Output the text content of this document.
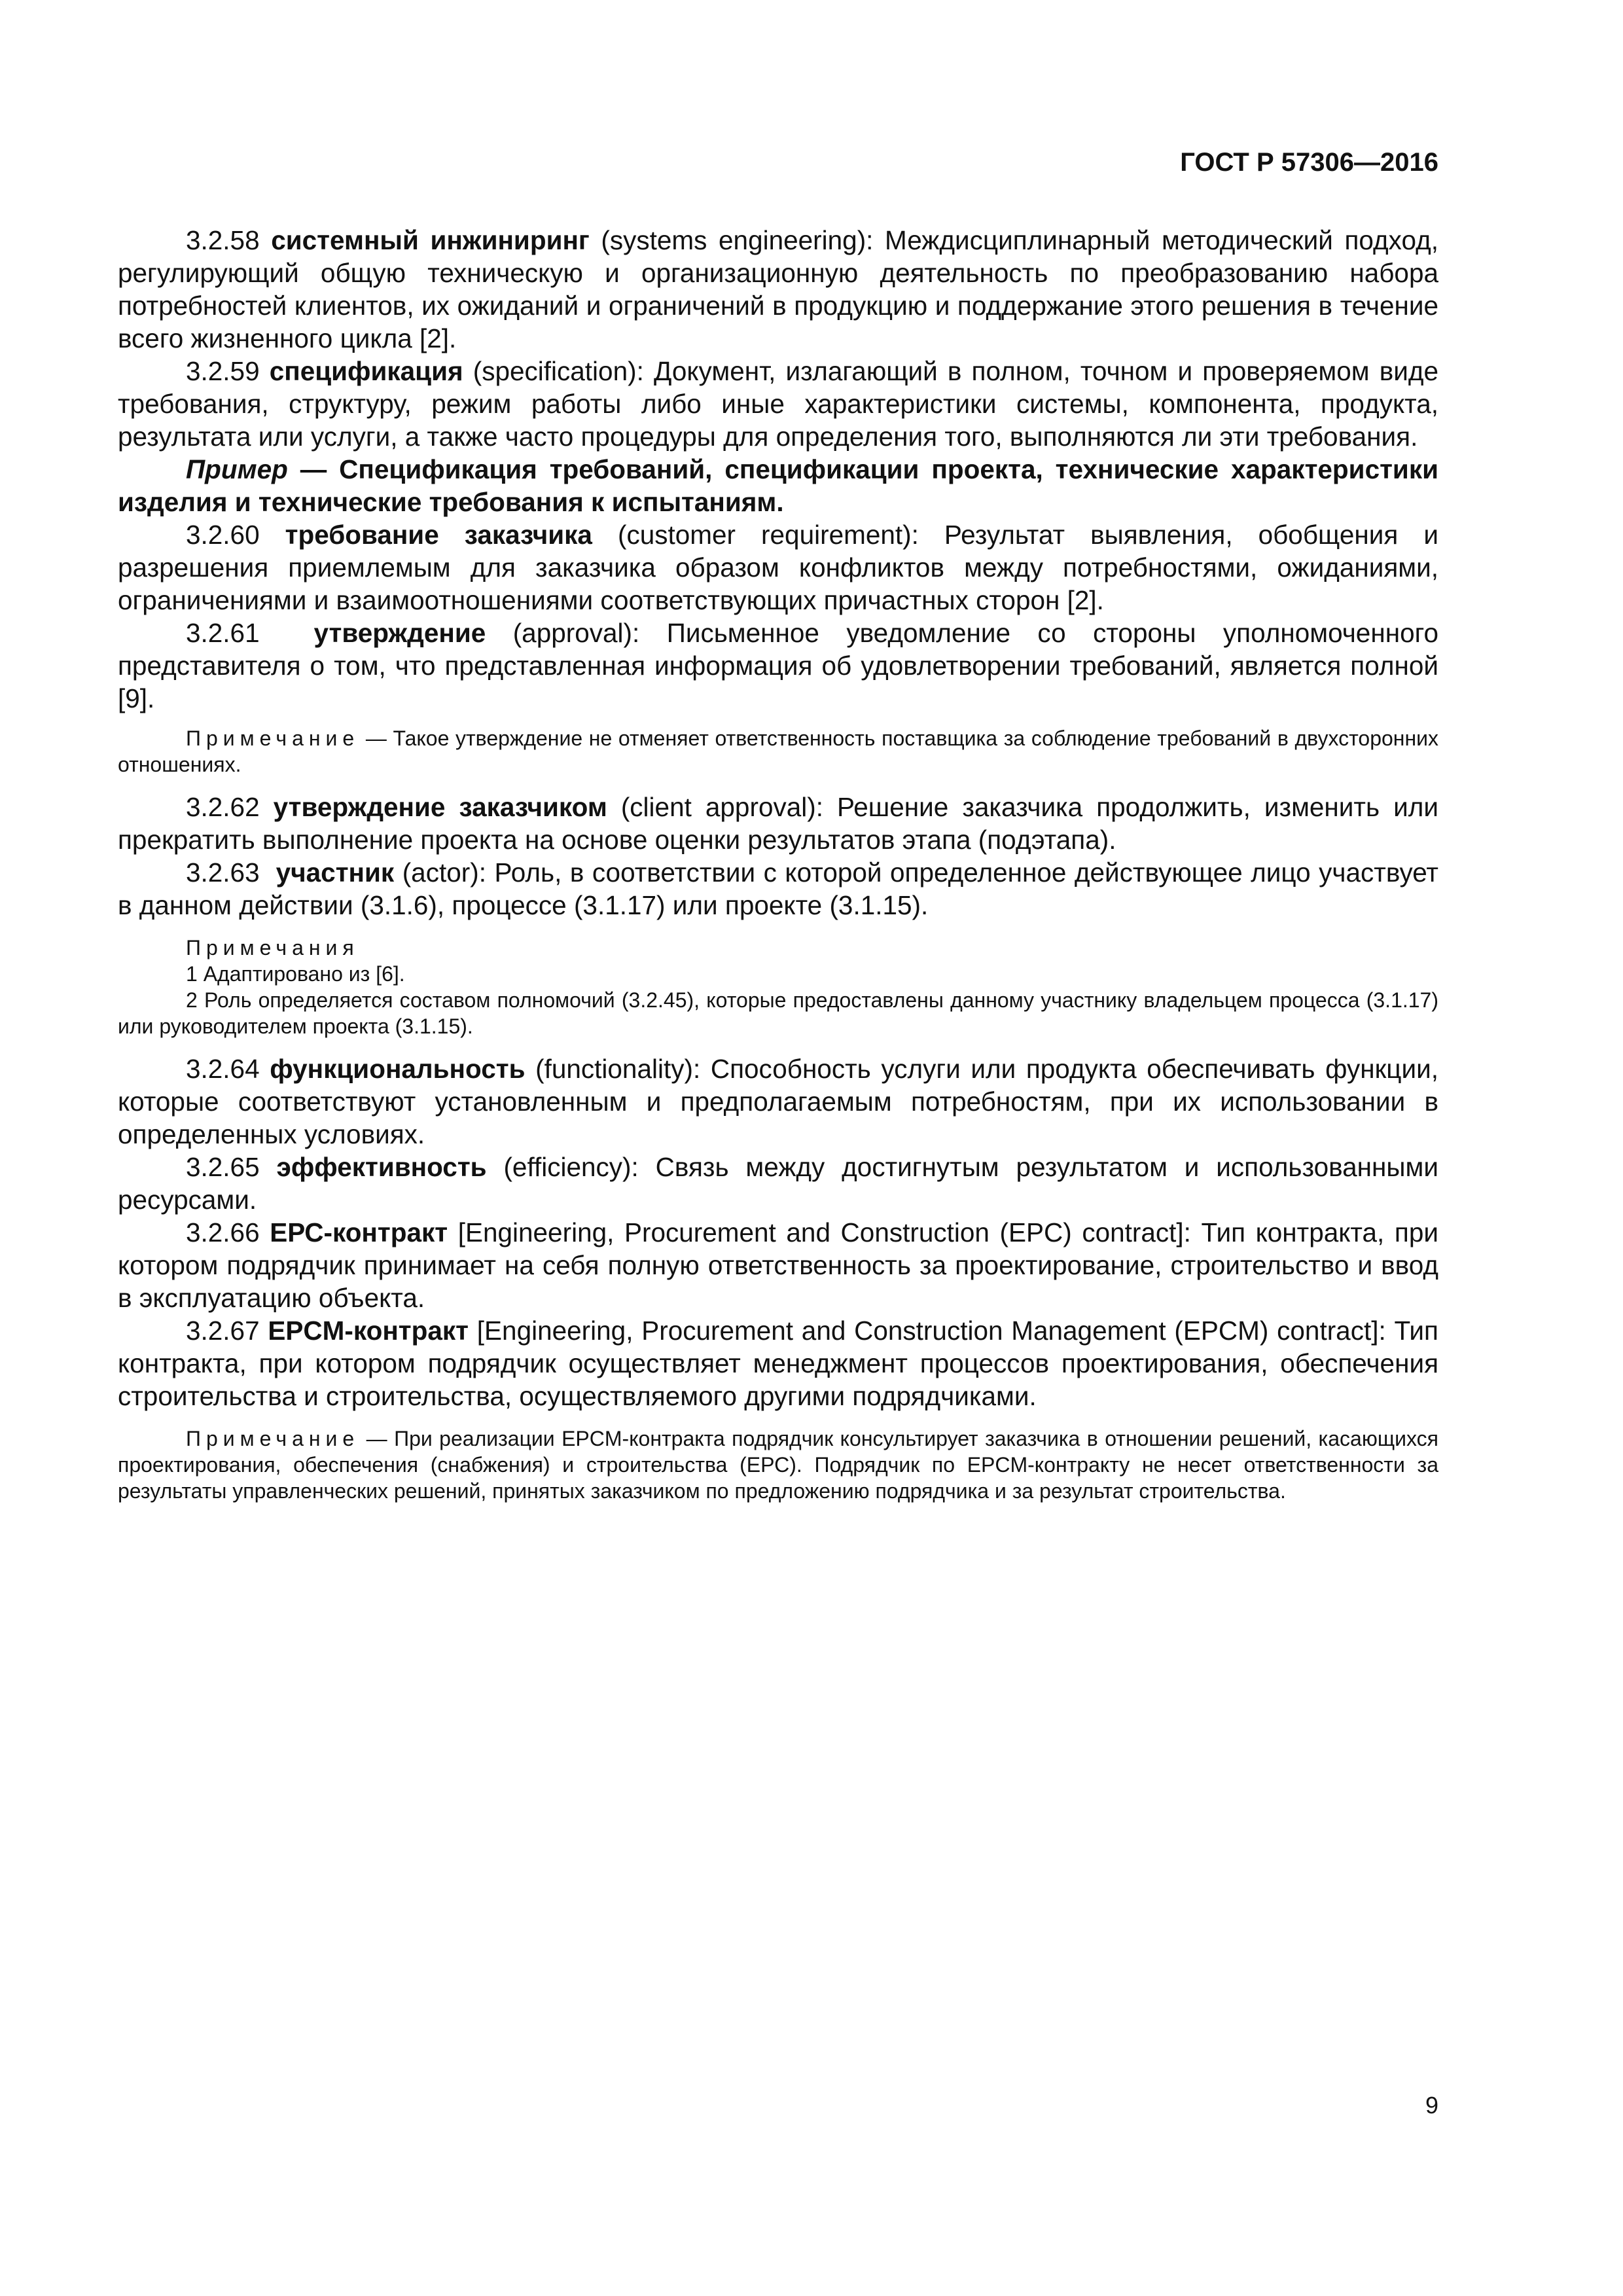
ГОСТ Р 57306—2016

3.2.58 системный инжиниринг (systems engineering): Междисциплинарный методический подход, регулирующий общую техническую и организационную деятельность по преобразованию набора потребностей клиентов, их ожиданий и ограничений в продукцию и поддержание этого решения в течение всего жизненного цикла [2].

3.2.59 спецификация (specification): Документ, излагающий в полном, точном и проверяемом виде требования, структуру, режим работы либо иные характеристики системы, компонента, продукта, результата или услуги, а также часто процедуры для определения того, выполняются ли эти требования.

Пример — Спецификация требований, спецификации проекта, технические характеристики изделия и технические требования к испытаниям.

3.2.60 требование заказчика (customer requirement): Результат выявления, обобщения и разрешения приемлемым для заказчика образом конфликтов между потребностями, ожиданиями, ограничениями и взаимоотношениями соответствующих причастных сторон [2].

3.2.61 утверждение (approval): Письменное уведомление со стороны уполномоченного представителя о том, что представленная информация об удовлетворении требований, является полной [9].

Примечание — Такое утверждение не отменяет ответственность поставщика за соблюдение требований в двухсторонних отношениях.

3.2.62 утверждение заказчиком (client approval): Решение заказчика продолжить, изменить или прекратить выполнение проекта на основе оценки результатов этапа (подэтапа).

3.2.63 участник (actor): Роль, в соответствии с которой определенное действующее лицо участвует в данном действии (3.1.6), процессе (3.1.17) или проекте (3.1.15).

Примечания

1 Адаптировано из [6].

2 Роль определяется составом полномочий (3.2.45), которые предоставлены данному участнику владельцем процесса (3.1.17) или руководителем проекта (3.1.15).

3.2.64 функциональность (functionality): Способность услуги или продукта обеспечивать функции, которые соответствуют установленным и предполагаемым потребностям, при их использовании в определенных условиях.

3.2.65 эффективность (efficiency): Связь между достигнутым результатом и использованными ресурсами.

3.2.66 ЕРС-контракт [Engineering, Procurement and Construction (EPC) contract]: Тип контракта, при котором подрядчик принимает на себя полную ответственность за проектирование, строительство и ввод в эксплуатацию объекта.

3.2.67 EPCM-контракт [Engineering, Procurement and Construction Management (EPCM) contract]: Тип контракта, при котором подрядчик осуществляет менеджмент процессов проектирования, обеспечения строительства и строительства, осуществляемого другими подрядчиками.

Примечание — При реализации EPCM-контракта подрядчик консультирует заказчика в отношении решений, касающихся проектирования, обеспечения (снабжения) и строительства (ЕРС). Подрядчик по EPCM-контракту не несет ответственности за результаты управленческих решений, принятых заказчиком по предложению подрядчика и за результат строительства.

9
